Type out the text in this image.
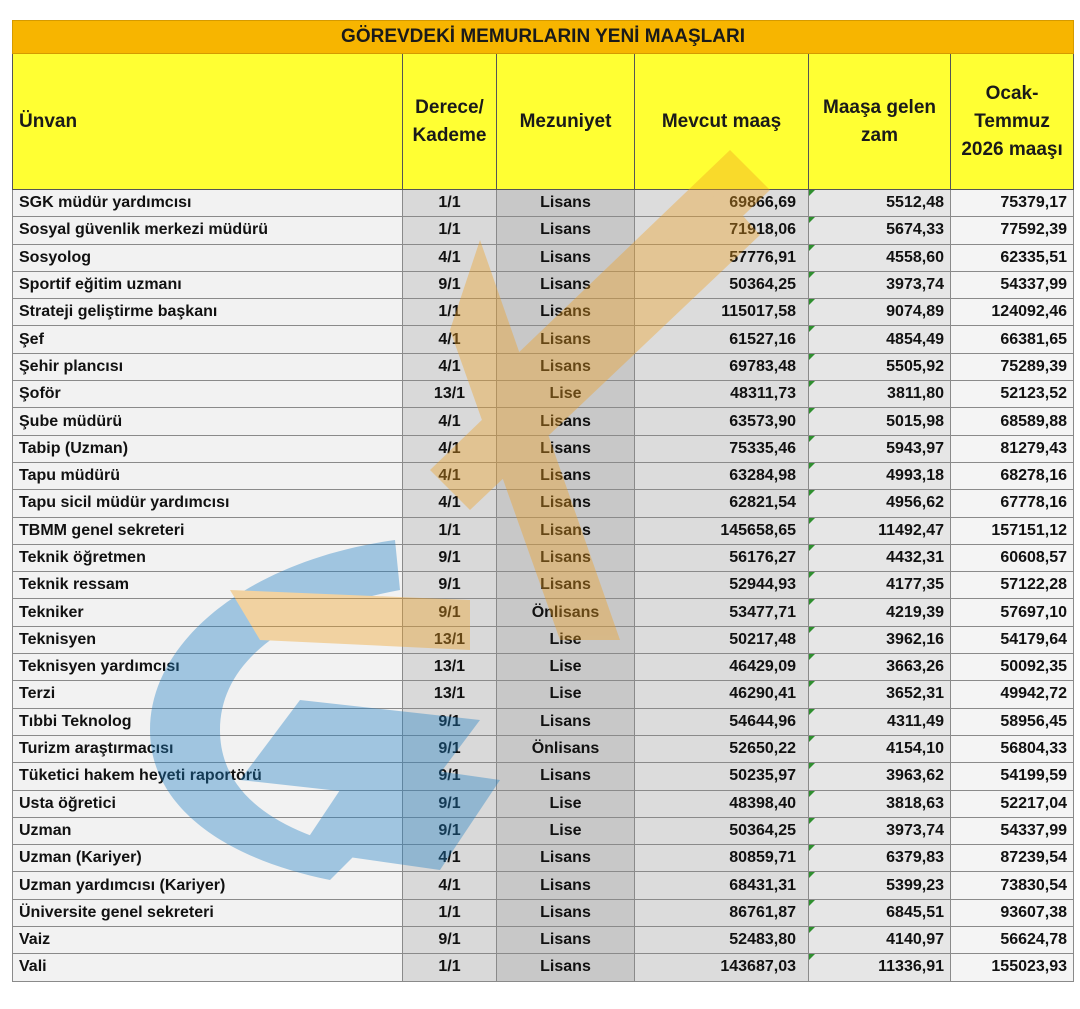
GÖREVDEKİ MEMURLARIN YENİ MAAŞLARI					
Ünvan	Derece/ Kademe	Mezuniyet	Mevcut maaş	Maaşa gelen zam	Ocak- Temmuz 2026 maaşı
SGK müdür yardımcısı	1/1	Lisans	69866,69	5512,48	75379,17
Sosyal güvenlik merkezi müdürü	1/1	Lisans	71918,06	5674,33	77592,39
Sosyolog	4/1	Lisans	57776,91	4558,60	62335,51
Sportif eğitim uzmanı	9/1	Lisans	50364,25	3973,74	54337,99
Strateji geliştirme başkanı	1/1	Lisans	115017,58	9074,89	124092,46
Şef	4/1	Lisans	61527,16	4854,49	66381,65
Şehir plancısı	4/1	Lisans	69783,48	5505,92	75289,39
Şoför	13/1	Lise	48311,73	3811,80	52123,52
Şube müdürü	4/1	Lisans	63573,90	5015,98	68589,88
Tabip (Uzman)	4/1	Lisans	75335,46	5943,97	81279,43
Tapu müdürü	4/1	Lisans	63284,98	4993,18	68278,16
Tapu sicil müdür yardımcısı	4/1	Lisans	62821,54	4956,62	67778,16
TBMM genel sekreteri	1/1	Lisans	145658,65	11492,47	157151,12
Teknik öğretmen	9/1	Lisans	56176,27	4432,31	60608,57
Teknik ressam	9/1	Lisans	52944,93	4177,35	57122,28
Tekniker	9/1	Önlisans	53477,71	4219,39	57697,10
Teknisyen	13/1	Lise	50217,48	3962,16	54179,64
Teknisyen yardımcısı	13/1	Lise	46429,09	3663,26	50092,35
Terzi	13/1	Lise	46290,41	3652,31	49942,72
Tıbbi Teknolog	9/1	Lisans	54644,96	4311,49	58956,45
Turizm araştırmacısı	9/1	Önlisans	52650,22	4154,10	56804,33
Tüketici hakem heyeti raportörü	9/1	Lisans	50235,97	3963,62	54199,59
Usta öğretici	9/1	Lise	48398,40	3818,63	52217,04
Uzman	9/1	Lise	50364,25	3973,74	54337,99
Uzman (Kariyer)	4/1	Lisans	80859,71	6379,83	87239,54
Uzman yardımcısı (Kariyer)	4/1	Lisans	68431,31	5399,23	73830,54
Üniversite genel sekreteri	1/1	Lisans	86761,87	6845,51	93607,38
Vaiz	9/1	Lisans	52483,80	4140,97	56624,78
Vali	1/1	Lisans	143687,03	11336,91	155023,93
